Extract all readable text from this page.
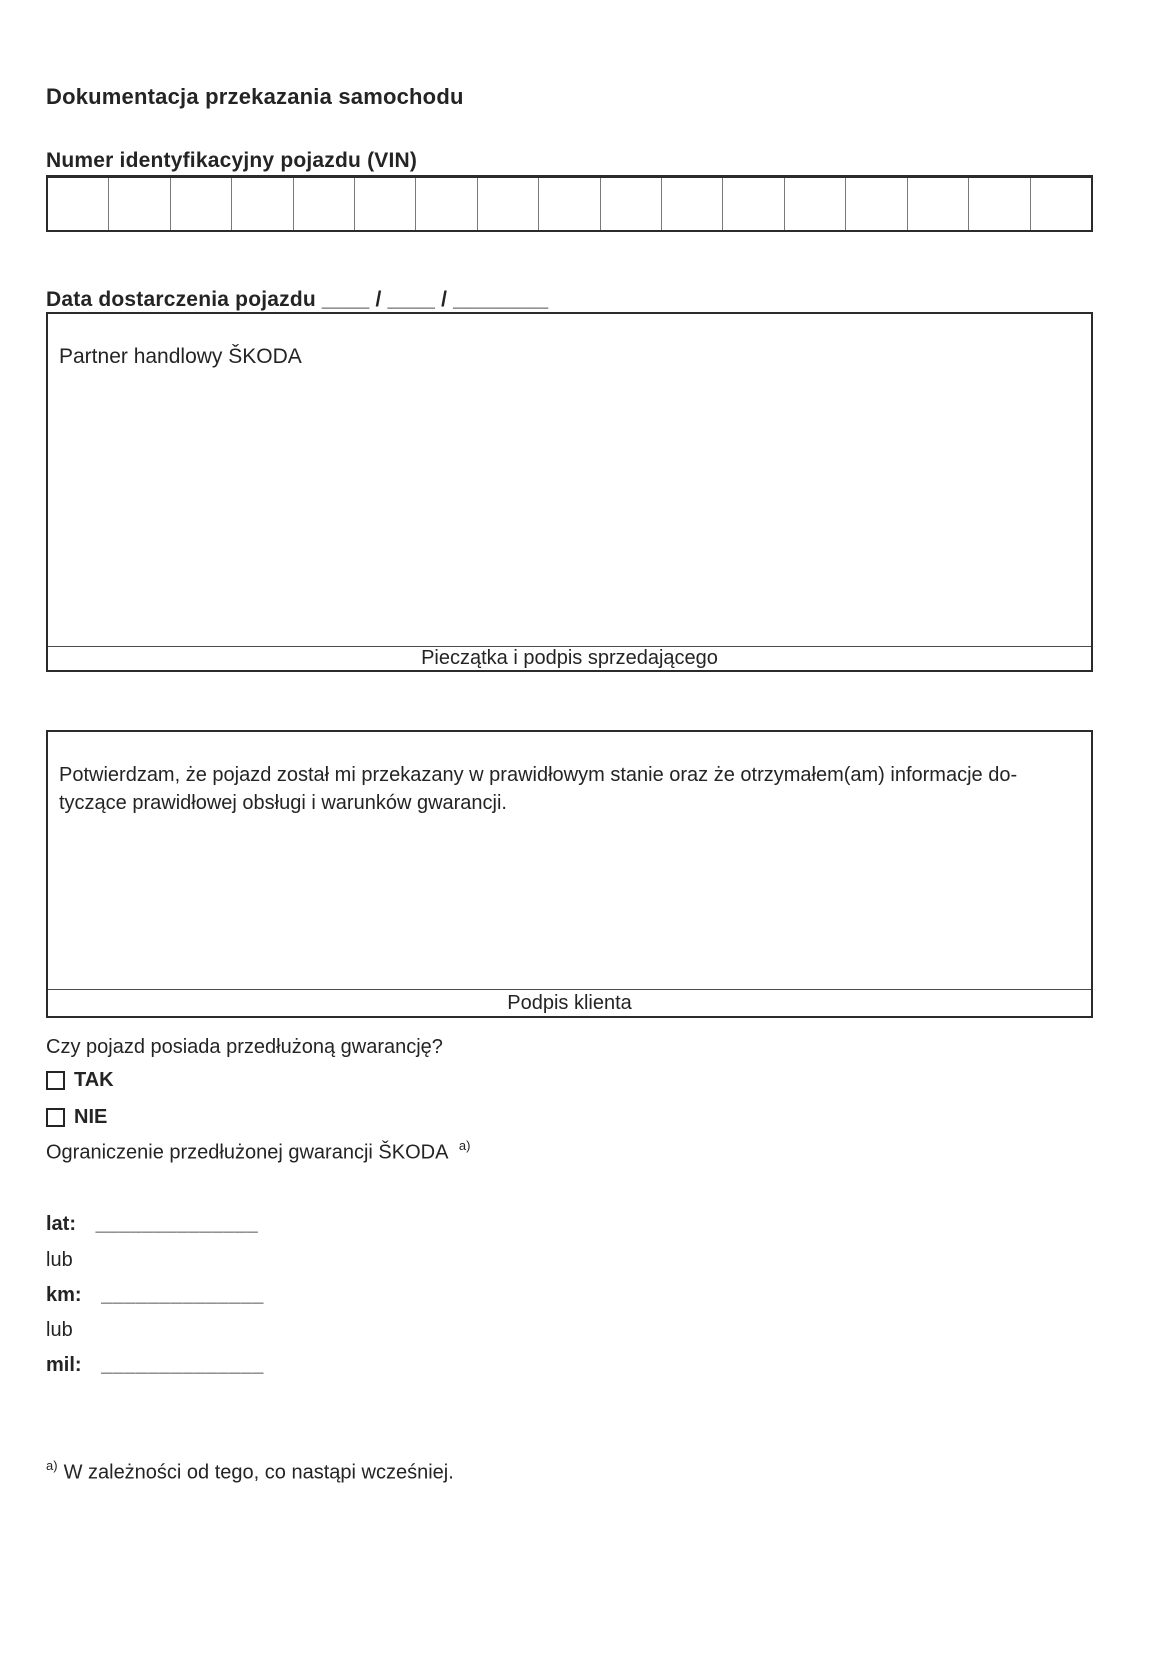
Dokumentacja przekazania samochodu
Numer identyfikacyjny pojazdu (VIN)
Data dostarczenia pojazdu ____ / ____ / ________
Partner handlowy ŠKODA
Pieczątka i podpis sprzedającego
Potwierdzam, że pojazd został mi przekazany w prawidłowym stanie oraz że otrzymałem(am) informacje do-
tyczące prawidłowej obsługi i warunków gwarancji.
Podpis klienta
Czy pojazd posiada przedłużoną gwarancję?
TAK
NIE
Ograniczenie przedłużonej gwarancji ŠKODA $^{a)}$
lat: ______________
lub
km: ______________
lub
mil: ______________
$^{a)}$ W zależności od tego, co nastąpi wcześniej.
